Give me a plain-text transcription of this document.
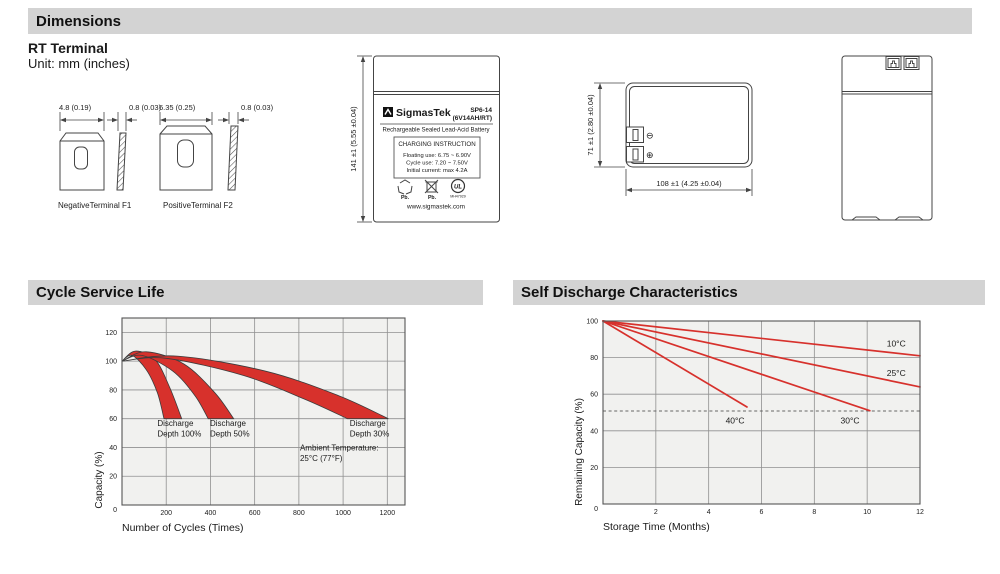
Dimensions
RT Terminal
Unit: mm (inches)
Cycle Service Life	Self Discharge Characteristics
4.8 (0.19)	0.8 (0.03)
NegativeTerminal F1
6.35 (0.25)	0.8 (0.03)
PositiveTerminal F2
141 ±1 (5.55 ±0.04)	SigmasTek	SP6-14
(6V14AH/RT)
Rechargeable Sealed Lead-Acid Battery
CHARGING INSTRUCTION
Floating use: 6.75 ~ 6.90V
Cycle use: 7.20 ~ 7.50V
Initial current: max 4.2A
Pb.	Pb.
UL
MH47929
www.sigmastek.com
⊖
⊕
71 ±1 (2.80 ±0.04)
108 ±1 (4.25 ±0.04)
Discharge
Depth 100%
Discharge
Depth 50%
Discharge
Depth 30%
Ambient Temperature:
25°C (77°F)
200	400	600	800	1000	1200
0
20
40
60
80
100
120
Number of Cycles (Times)
Capacity (%)
10°C
25°C
30°C
40°C
2	4	6	8	10	12
0
20
40
60
80
100
Storage Time (Months)
Remaining Capacity (%)
